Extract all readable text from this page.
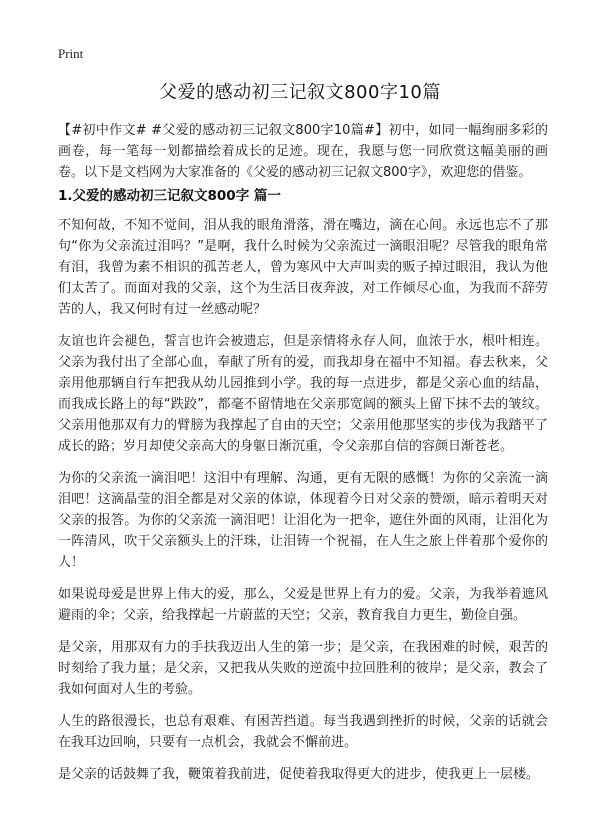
Print
父爱的感动初三记叙文800字10篇

【#初中作文# #父爱的感动初三记叙文800字10篇#】初中，如同一幅绚丽多彩的画卷，每一笔每一划都描绘着成长的足迹。现在，我愿与您一同欣赏这幅美丽的画卷。以下是文档网为大家准备的《父爱的感动初三记叙文800字》，欢迎您的借鉴。

1.父爱的感动初三记叙文800字 篇一

不知何故，不知不觉间，泪从我的眼角滑落，滑在嘴边，滴在心间。永远也忘不了那句“你为父亲流过泪吗？”是啊，我什么时候为父亲流过一滴眼泪呢？尽管我的眼角常有泪，我曾为素不相识的孤苦老人，曾为寒风中大声叫卖的贩子掉过眼泪，我认为他们太苦了。而面对我的父亲，这个为生活日夜奔波，对工作倾尽心血，为我而不辞劳苦的人，我又何时有过一丝感动呢？

友谊也许会褪色，誓言也许会被遗忘，但是亲情将永存人间，血浓于水，根叶相连。父亲为我付出了全部心血，奉献了所有的爱，而我却身在福中不知福。春去秋来，父亲用他那辆自行车把我从幼儿园推到小学。我的每一点进步，都是父亲心血的结晶，而我成长路上的每“跌跤”，都毫不留情地在父亲那宽阔的额头上留下抹不去的皱纹。父亲用他那双有力的臂膀为我撑起了自由的天空；父亲用他那坚实的步伐为我踏平了成长的路；岁月却使父亲高大的身躯日渐沉重，令父亲那自信的容颜日渐苍老。

为你的父亲流一滴泪吧！这泪中有理解、沟通，更有无限的感慨！为你的父亲流一滴泪吧！这滴晶莹的泪全都是对父亲的体谅，体现着今日对父亲的赞颂，暗示着明天对父亲的报答。为你的父亲流一滴泪吧！让泪化为一把伞，遮住外面的风雨，让泪化为一阵清风，吹干父亲额头上的汗珠，让泪铸一个祝福，在人生之旅上伴着那个爱你的人！

如果说母爱是世界上伟大的爱，那么，父爱是世界上有力的爱。父亲，为我举着遮风避雨的伞；父亲，给我撑起一片蔚蓝的天空；父亲，教育我自力更生，勤俭自强。

是父亲，用那双有力的手扶我迈出人生的第一步；是父亲，在我困难的时候，艰苦的时刻给了我力量；是父亲，又把我从失败的逆流中拉回胜利的彼岸；是父亲，教会了我如何面对人生的考验。

人生的路很漫长，也总有艰难、有困苦挡道。每当我遇到挫折的时候，父亲的话就会在我耳边回响，只要有一点机会，我就会不懈前进。

是父亲的话鼓舞了我，鞭策着我前进，促使着我取得更大的进步，使我更上一层楼。
